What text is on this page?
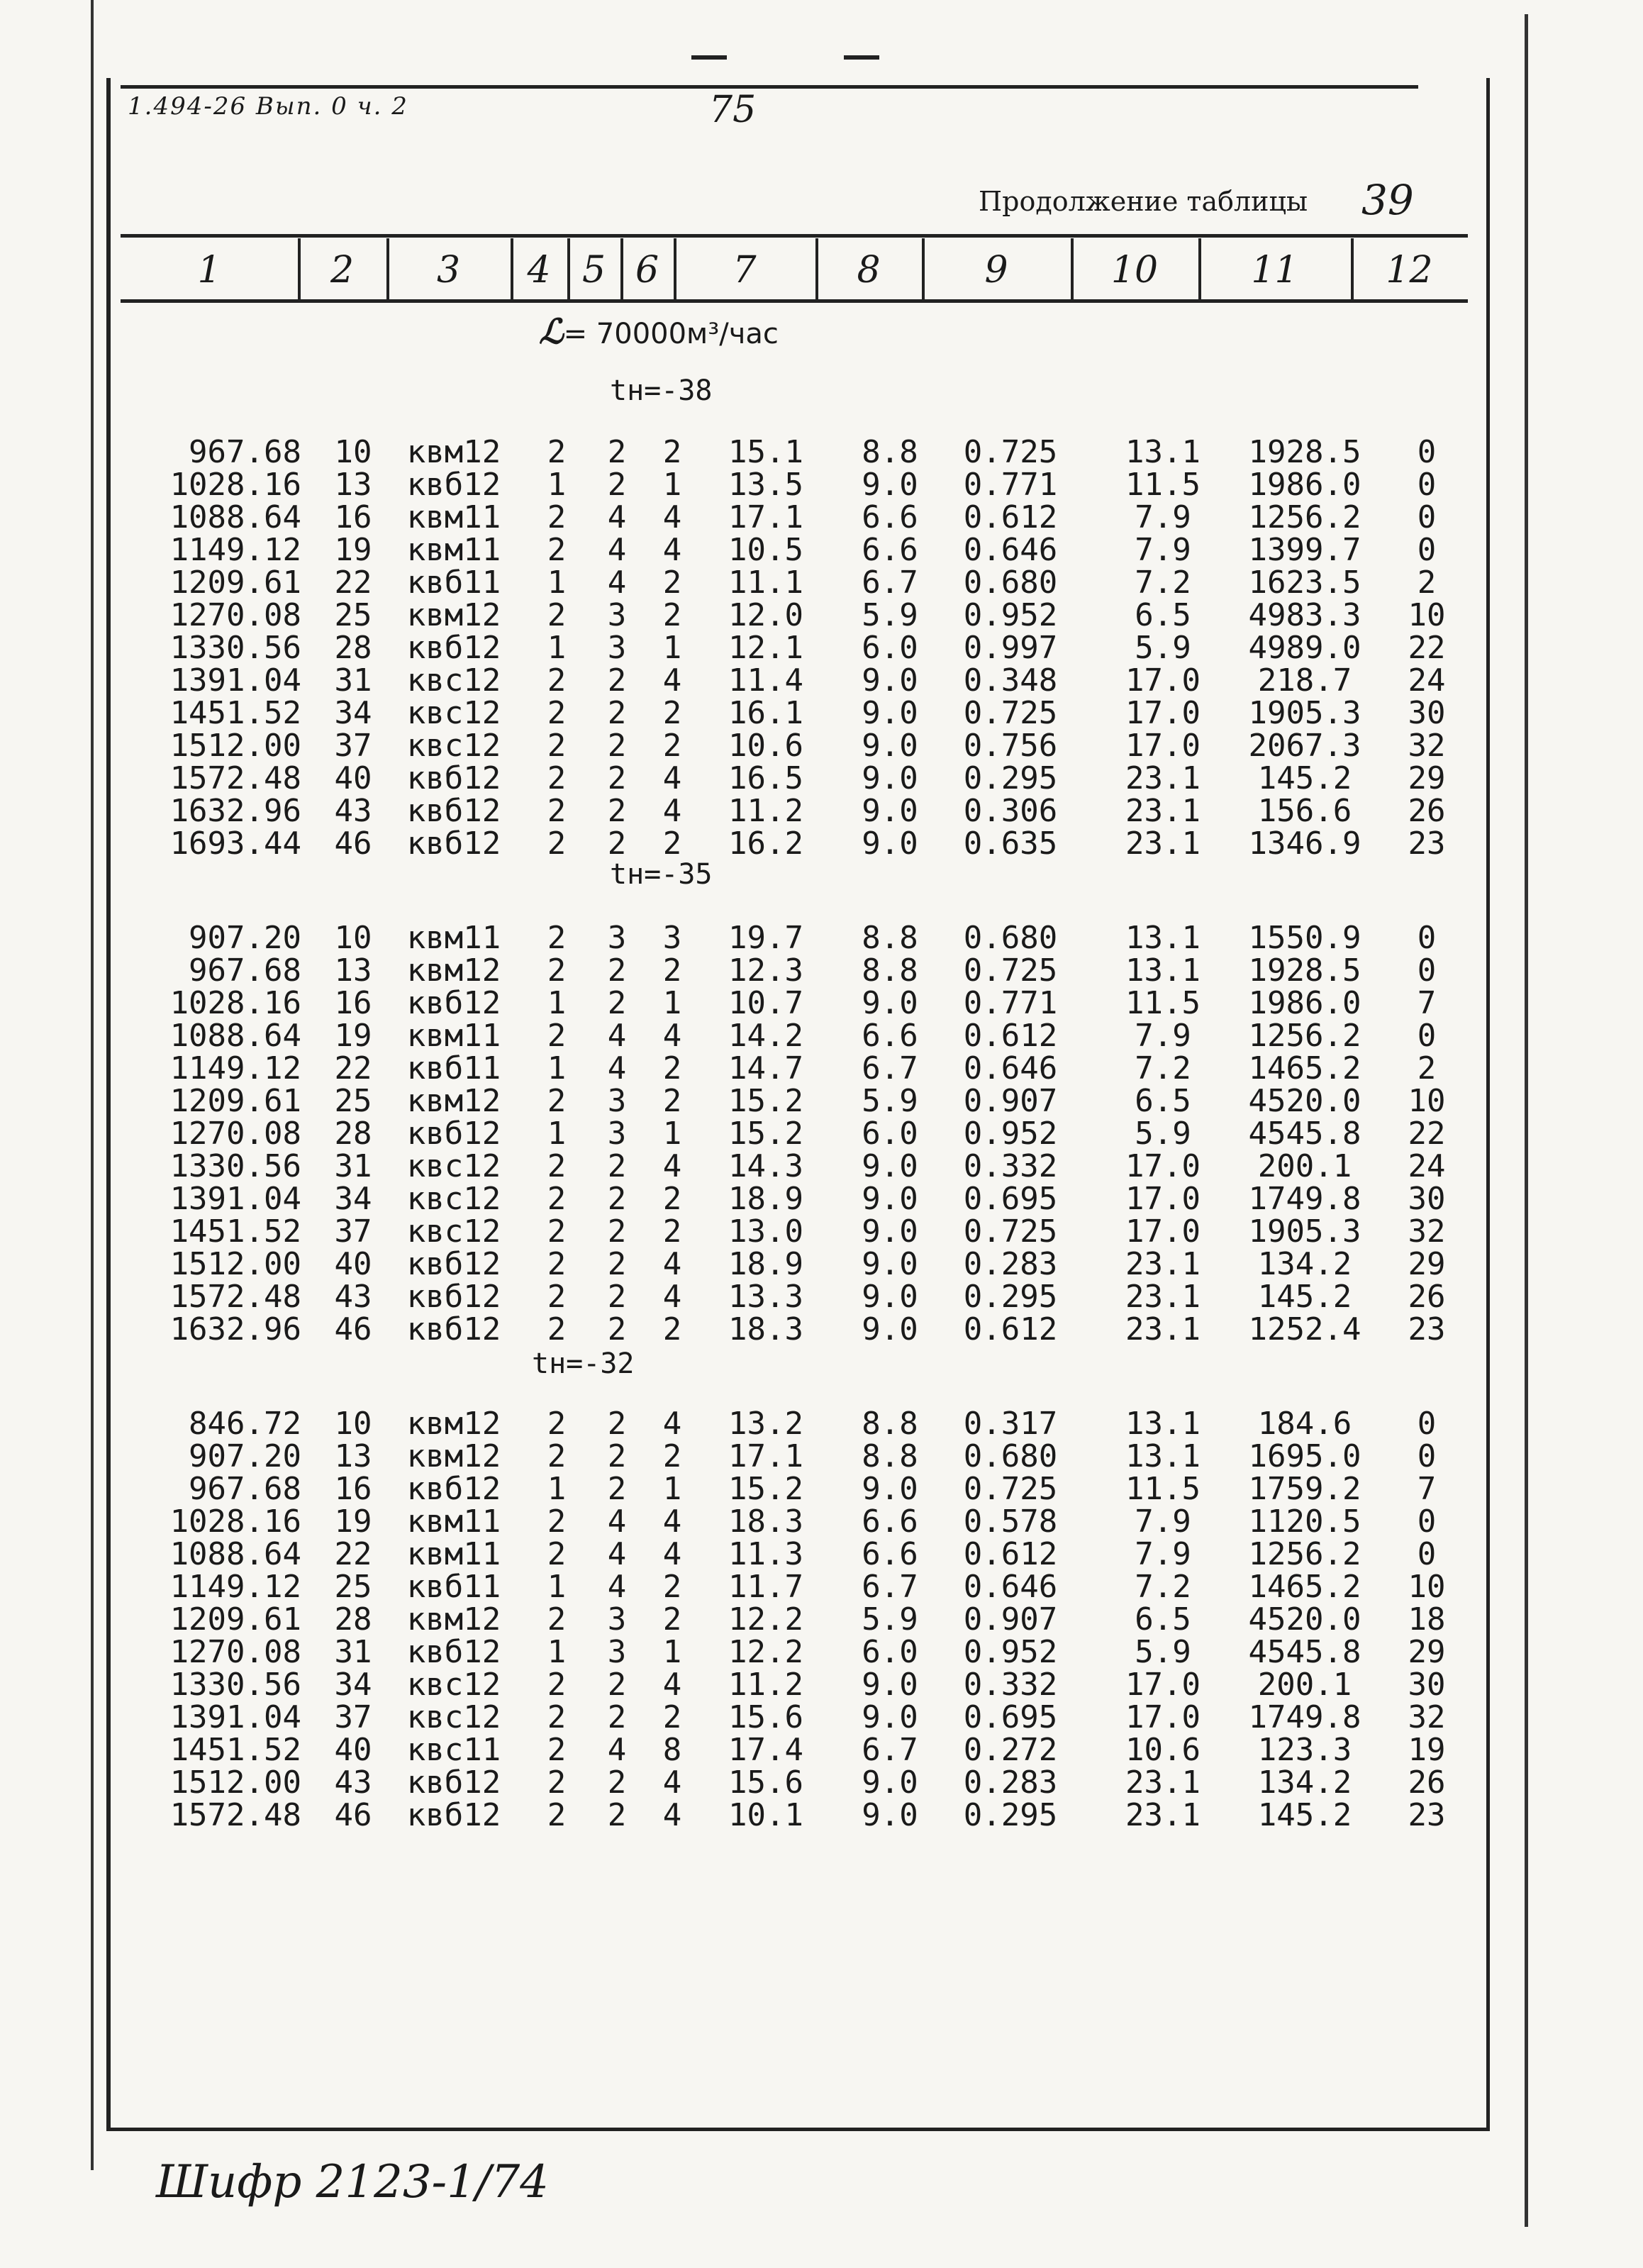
1.494-26 Вып. 0 ч. 2	75
Продолжение таблицы 39
1	2	3	4 5 6	7	8	9	10	11	12
ℒ= 70000м³/час
tн=-38
967.68 10 квм12 2 2 2 15.1 8.8 0.725 13.1 1928.5 0
1028.16 13 квб12 1 2 1 13.5 9.0 0.771 11.5 1986.0 0
1088.64 16 квм11 2 4 4 17.1 6.6 0.612 7.9 1256.2 0
1149.12 19 квм11 2 4 4 10.5 6.6 0.646 7.9 1399.7 0
1209.61 22 квб11 1 4 2 11.1 6.7 0.680 7.2 1623.5 2
1270.08 25 квм12 2 3 2 12.0 5.9 0.952 6.5 4983.3 10
1330.56 28 квб12 1 3 1 12.1 6.0 0.997 5.9 4989.0 22
1391.04 31 квс12 2 2 4 11.4 9.0 0.348 17.0 218.7 24
1451.52 34 квс12 2 2 2 16.1 9.0 0.725 17.0 1905.3 30
1512.00 37 квс12 2 2 2 10.6 9.0 0.756 17.0 2067.3 32
1572.48 40 квб12 2 2 4 16.5 9.0 0.295 23.1 145.2 29
1632.96 43 квб12 2 2 4 11.2 9.0 0.306 23.1 156.6 26
1693.44 46 квб12 2 2 2 16.2 9.0 0.635 23.1 1346.9 23
tн=-35
907.20 10 квм11 2 3 3 19.7 8.8 0.680 13.1 1550.9 0
967.68 13 квм12 2 2 2 12.3 8.8 0.725 13.1 1928.5 0
1028.16 16 квб12 1 2 1 10.7 9.0 0.771 11.5 1986.0 7
1088.64 19 квм11 2 4 4 14.2 6.6 0.612 7.9 1256.2 0
1149.12 22 квб11 1 4 2 14.7 6.7 0.646 7.2 1465.2 2
1209.61 25 квм12 2 3 2 15.2 5.9 0.907 6.5 4520.0 10
1270.08 28 квб12 1 3 1 15.2 6.0 0.952 5.9 4545.8 22
1330.56 31 квс12 2 2 4 14.3 9.0 0.332 17.0 200.1 24
1391.04 34 квс12 2 2 2 18.9 9.0 0.695 17.0 1749.8 30
1451.52 37 квс12 2 2 2 13.0 9.0 0.725 17.0 1905.3 32
1512.00 40 квб12 2 2 4 18.9 9.0 0.283 23.1 134.2 29
1572.48 43 квб12 2 2 4 13.3 9.0 0.295 23.1 145.2 26
1632.96 46 квб12 2 2 2 18.3 9.0 0.612 23.1 1252.4 23
tн=-32
846.72 10 квм12 2 2 4 13.2 8.8 0.317 13.1 184.6 0
907.20 13 квм12 2 2 2 17.1 8.8 0.680 13.1 1695.0 0
967.68 16 квб12 1 2 1 15.2 9.0 0.725 11.5 1759.2 7
1028.16 19 квм11 2 4 4 18.3 6.6 0.578 7.9 1120.5 0
1088.64 22 квм11 2 4 4 11.3 6.6 0.612 7.9 1256.2 0
1149.12 25 квб11 1 4 2 11.7 6.7 0.646 7.2 1465.2 10
1209.61 28 квм12 2 3 2 12.2 5.9 0.907 6.5 4520.0 18
1270.08 31 квб12 1 3 1 12.2 6.0 0.952 5.9 4545.8 29
1330.56 34 квс12 2 2 4 11.2 9.0 0.332 17.0 200.1 30
1391.04 37 квс12 2 2 2 15.6 9.0 0.695 17.0 1749.8 32
1451.52 40 квс11 2 4 8 17.4 6.7 0.272 10.6 123.3 19
1512.00 43 квб12 2 2 4 15.6 9.0 0.283 23.1 134.2 26
1572.48 46 квб12 2 2 4 10.1 9.0 0.295 23.1 145.2 23
Шифр 2123-1/74
